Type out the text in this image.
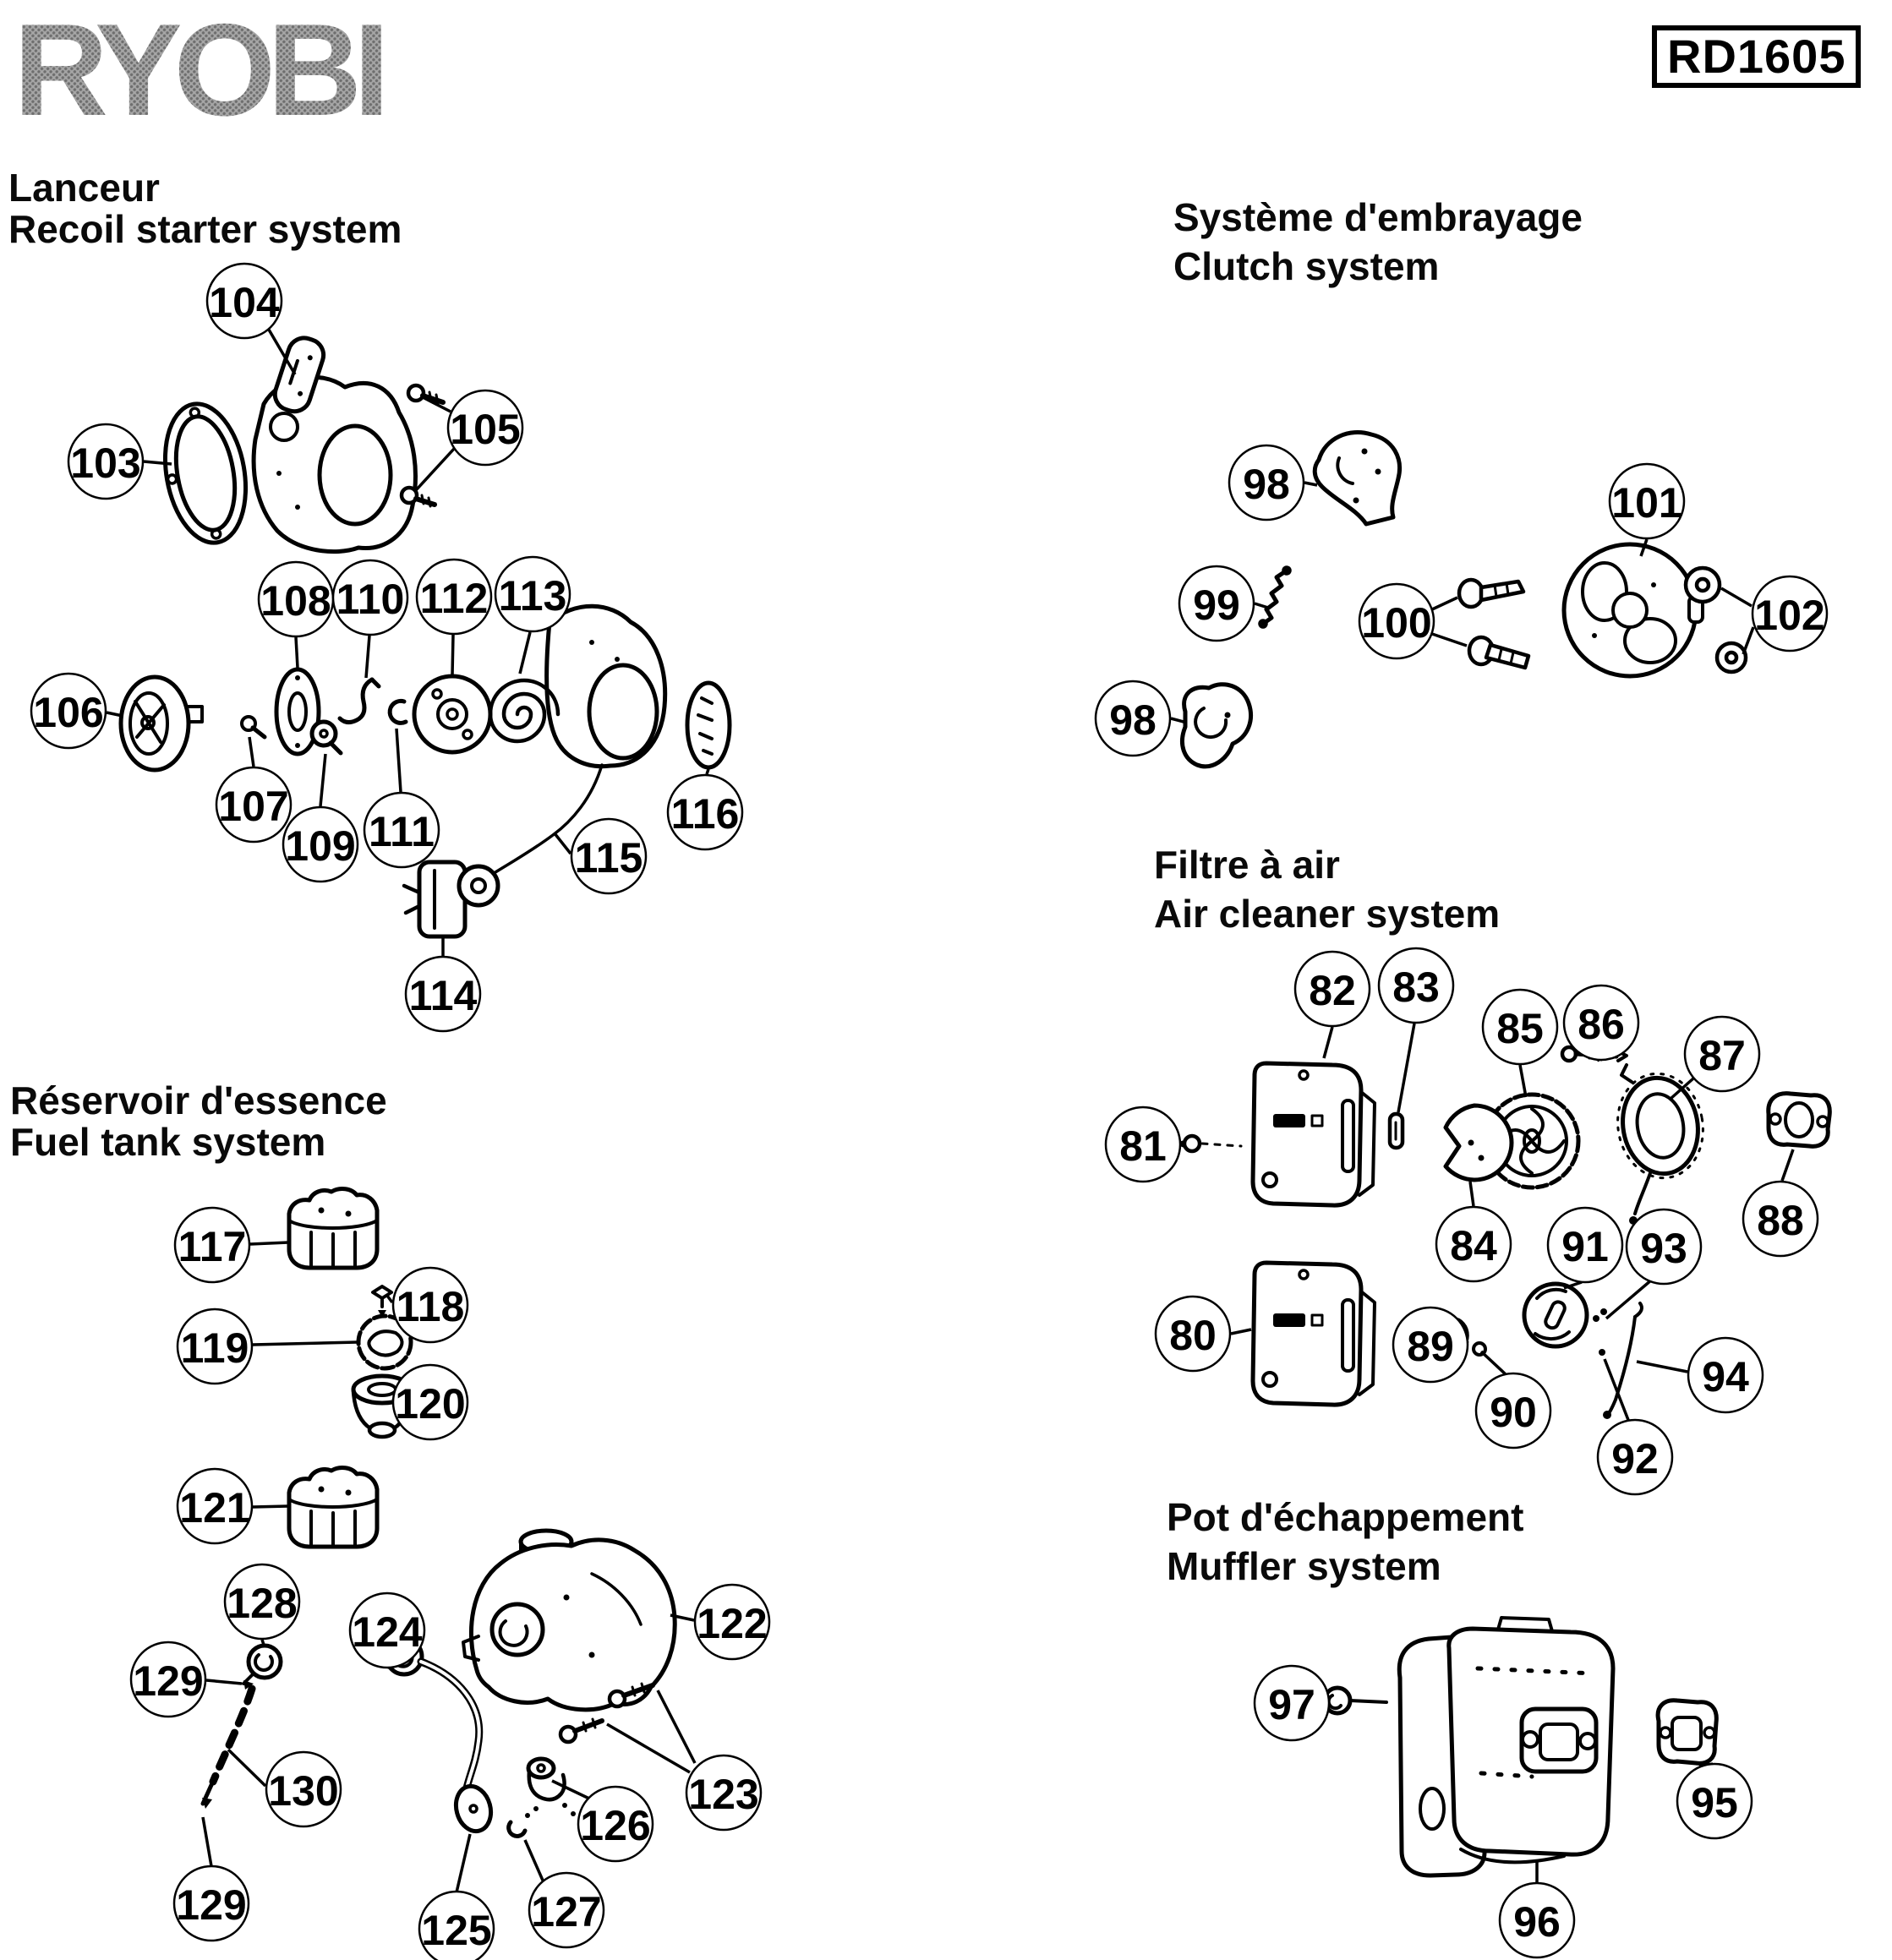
RD1605
Lanceur
Recoil starter system	Système d'embrayage
Clutch system
Réservoir d'essence
Fuel tank system
Filtre à air
Air cleaner system
Pot d'échappement
Muffler system
RYOBI
103
104
105
106
107
108
109
110
111
112 113
114
115
116
98
99	100
101
102
98
82 83
85 86
87
81
84
88
91 93
80	89
90
94
92
97
95
96
117
118
119
120
121
122
128
124
129
130	123
126
129	127
125
